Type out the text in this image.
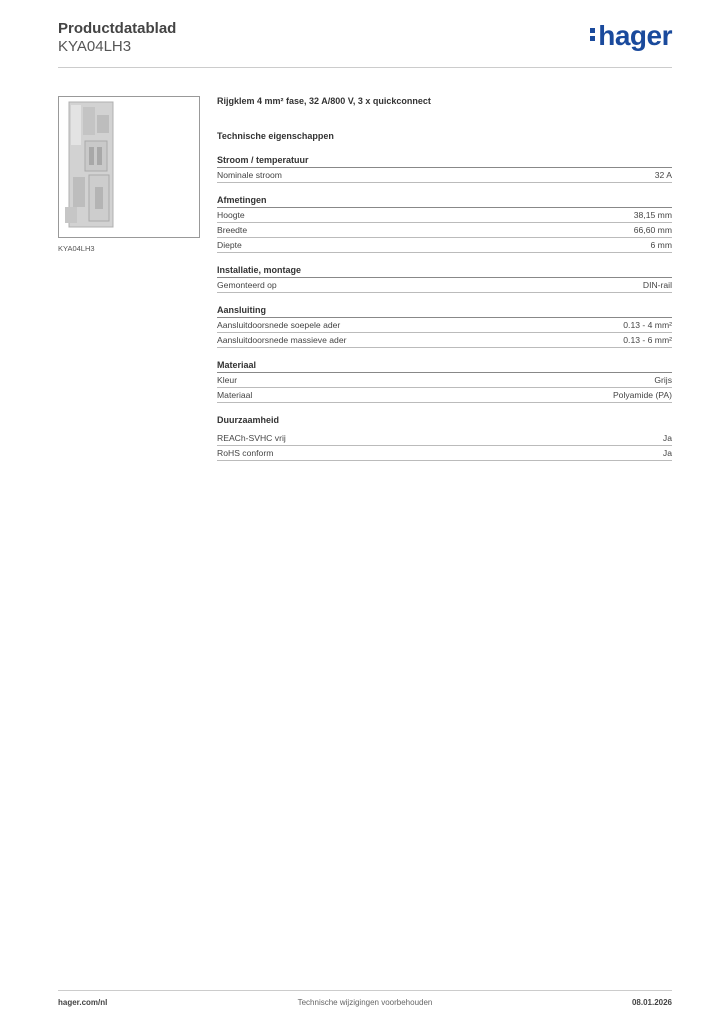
Productdatablad
KYA04LH3	hager
KYA04LH3
Rijgklem 4 mm² fase, 32 A/800 V, 3 x quickconnect
Technische eigenschappen
Stroom / temperatuur
Nominale stroom	32 A
Afmetingen
Hoogte	38,15 mm
Breedte	66,60 mm
Diepte	6 mm
Installatie, montage
Gemonteerd op	DIN-rail
Aansluiting
Aansluitdoorsnede soepele ader	0.13 - 4 mm²
Aansluitdoorsnede massieve ader	0.13 - 6 mm²
Materiaal
Kleur	Grijs
Materiaal	Polyamide (PA)
Duurzaamheid
REACh-SVHC vrij	Ja
RoHS conform	Ja
hager.com/nl	Technische wijzigingen voorbehouden	08.01.2026
